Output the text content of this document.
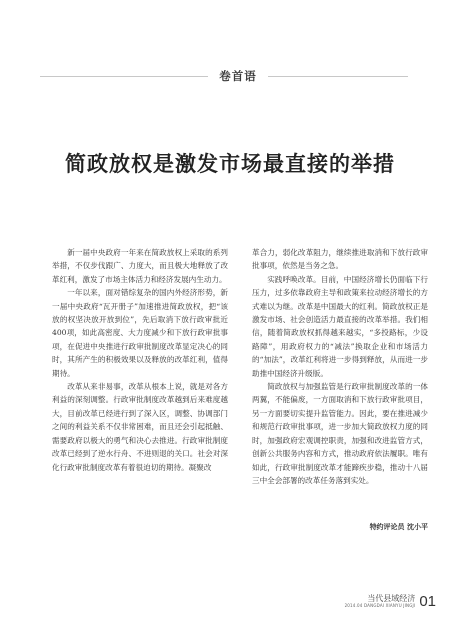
卷首语
简政放权是激发市场最直接的举措

新一届中央政府一年来在简政放权上采取的系列举措，不仅步伐跟广、力度大，而且极大地释放了改革红利，激发了市场主体活力和经济发展内生动力。

一年以来，面对错综复杂的国内外经济形势，新一届中央政府“瓦开册子”加速推进简政放权，把“该放的权坚决放开放到位”，先后取消下放行政审批近400项，如此高密度、大力度减少和下放行政审批事项，在促进中央推进行政审批制度改革显定决心的同时，其所产生的积极效果以及释放的改革红利，值得期待。

改革从来非易事，改革从根本上说，就是对各方利益的深刻调整。行政审批制度改革越到后来难度越大，目前改革已经进行到了深入区，调整、协调部门之间的利益关系不仅非常困难，而且还会引起抵触、需要政府以极大的勇气和决心去推进。行政审批制度改革已经到了逆水行舟、不进则退的关口。社会对深化行政审批制度改革有着很迫切的期待。凝聚改

革合力，弱化改革阻力，继续推进取消和下放行政审批事项，依然是当务之急。

实践呼唤改革。目前，中国经济增长仍面临下行压力，过多依靠政府主导和政策来拉动经济增长的方式难以为继。改革是中国最大的红利。简政放权正是激发市场、社会创造活力最直接的改革举措。我们相信，随着简政放权抓得越来越实，“多投路标，少设路障”，用政府权力的“减法”换取企业和市场活力的“加法”，改革红利将进一步得到释放，从而进一步助推中国经济升级版。

简政放权与加强监管是行政审批制度改革的一体两翼，不能偏废，一方面取消和下放行政审批项目，另一方面要切实提升监管能力。因此，要在推进减少和规范行政审批事项，进一步加大简政放权力度的同时，加强政府宏观调控职责，加强和改进监管方式，创新公共服务内容和方式，推动政府依法履职。唯有如此，行政审批制度改革才能蹄疾步稳，推动十八届三中全会部署的改革任务落到实处。

特约评论员 沈小平
当代县域经济
2014.04 DANGDAI XIANYU JINGJI 01
